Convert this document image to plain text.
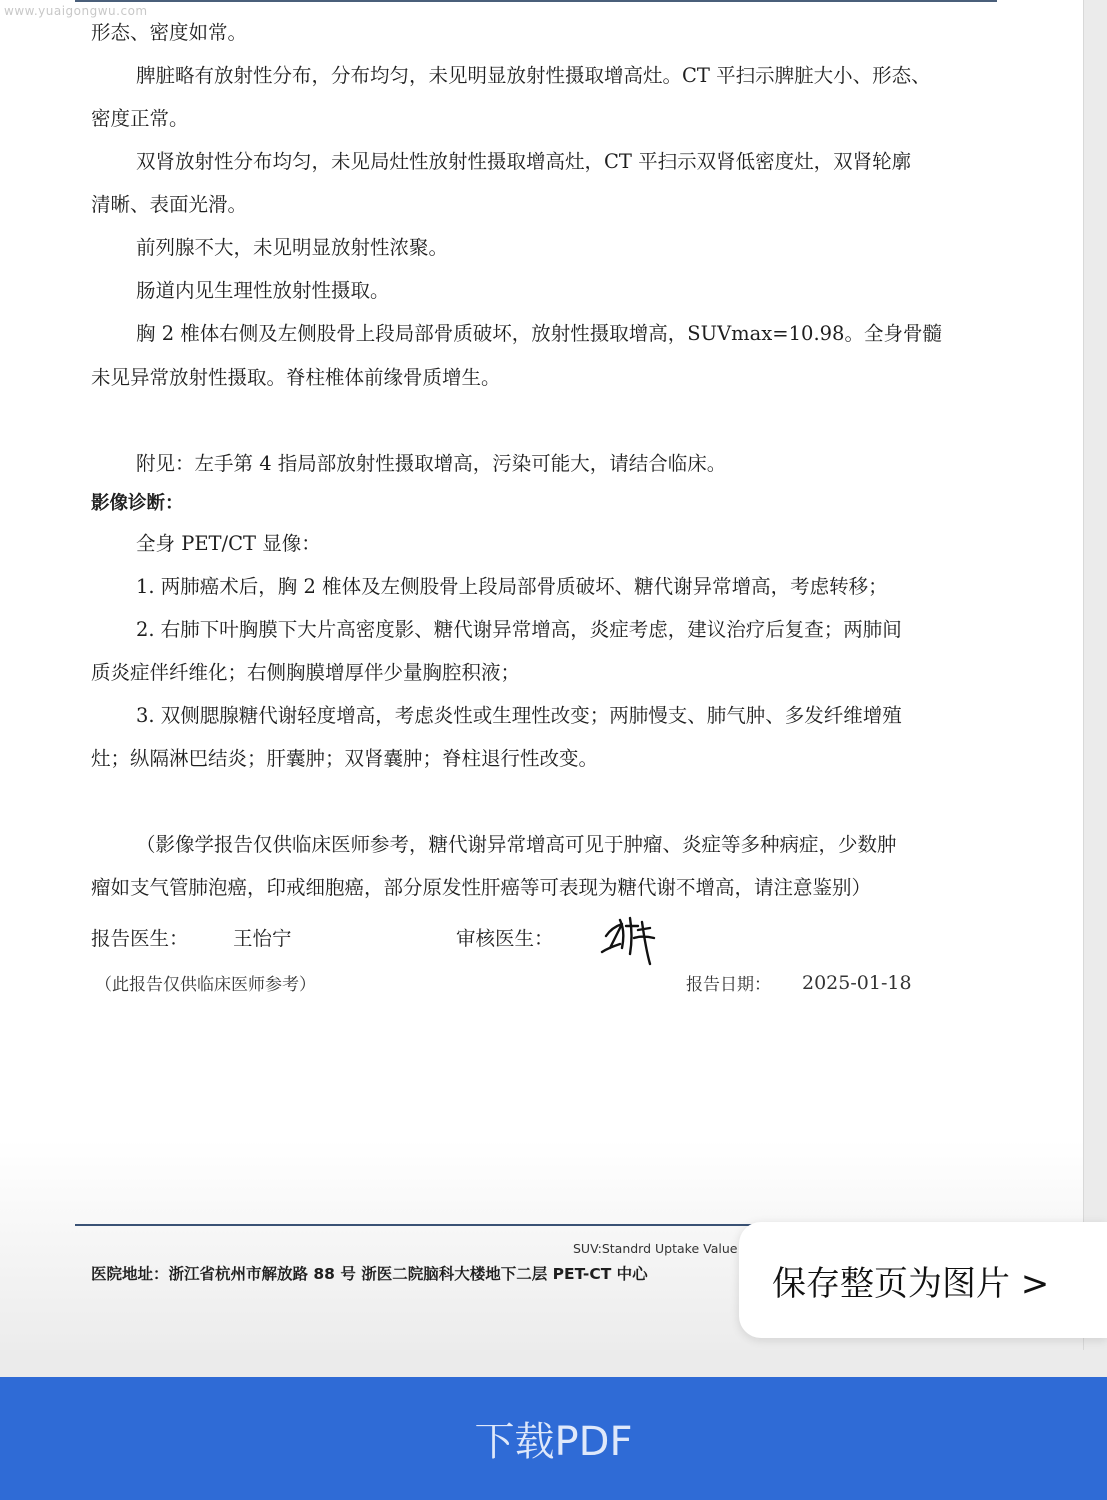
形态、密度如常。
脾脏略有放射性分布，分布均匀，未见明显放射性摄取增高灶。CT 平扫示脾脏大小、形态、
密度正常。
双肾放射性分布均匀，未见局灶性放射性摄取增高灶，CT 平扫示双肾低密度灶，双肾轮廓
清晰、表面光滑。
前列腺不大，未见明显放射性浓聚。
肠道内见生理性放射性摄取。
胸 2 椎体右侧及左侧股骨上段局部骨质破坏，放射性摄取增高，SUVmax=10.98。全身骨髓
未见异常放射性摄取。脊柱椎体前缘骨质增生。
附见：左手第 4 指局部放射性摄取增高，污染可能大，请结合临床。
影像诊断：
全身 PET/CT 显像：
1. 两肺癌术后，胸 2 椎体及左侧股骨上段局部骨质破坏、糖代谢异常增高，考虑转移；
2. 右肺下叶胸膜下大片高密度影、糖代谢异常增高，炎症考虑，建议治疗后复查；两肺间
质炎症伴纤维化；右侧胸膜增厚伴少量胸腔积液；
3. 双侧腮腺糖代谢轻度增高，考虑炎性或生理性改变；两肺慢支、肺气肿、多发纤维增殖
灶；纵隔淋巴结炎；肝囊肿；双肾囊肿；脊柱退行性改变。
（影像学报告仅供临床医师参考，糖代谢异常增高可见于肿瘤、炎症等多种病症，少数肿
瘤如支气管肺泡癌，印戒细胞癌，部分原发性肝癌等可表现为糖代谢不增高，请注意鉴别）
报告医生： 王怡宁	审核医生：
（此报告仅供临床医师参考）	报告日期： 2025-01-18
SUV:Standrd Uptake Value
医院地址：浙江省杭州市解放路 88 号 浙医二院脑科大楼地下二层 PET-CT 中心
www.yuaigongwu.com
保存整页为图片 >
下载PDF
